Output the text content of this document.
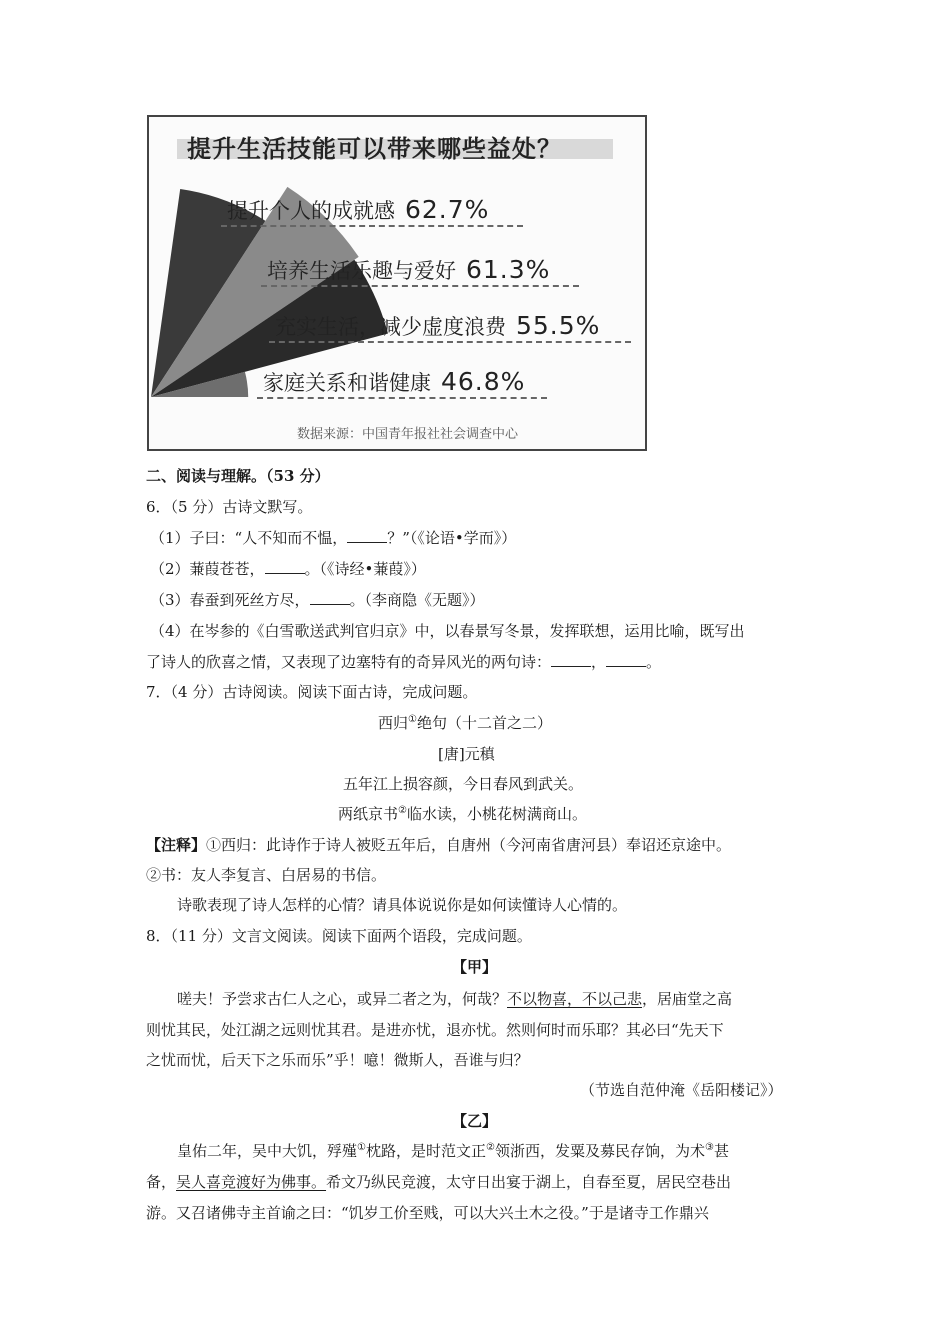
提升生活技能可以带来哪些益处？
提升个人的成就感 62.7%
培养生活乐趣与爱好 61.3%
充实生活，减少虚度浪费 55.5%
家庭关系和谐健康 46.8%
数据来源：中国青年报社社会调查中心
二、阅读与理解。（53 分）
6．（5 分）古诗文默写。
（1）子曰：“人不知而不愠，	？”（《论语•学而》）
（2）蒹葭苍苍，	。（《诗经•蒹葭》）
（3）春蚕到死丝方尽，	。（李商隐《无题》）
（4）在岑参的《白雪歌送武判官归京》中，以春景写冬景，发挥联想，运用比喻，既写出
了诗人的欣喜之情，又表现了边塞特有的奇异风光的两句诗：	，	。
7．（4 分）古诗阅读。阅读下面古诗，完成问题。
西归①绝句（十二首之二）
[唐]元稹
五年江上损容颜，今日春风到武关。
两纸京书②临水读，小桃花树满商山。
【注释】①西归：此诗作于诗人被贬五年后，自唐州（今河南省唐河县）奉诏还京途中。
②书：友人李复言、白居易的书信。
诗歌表现了诗人怎样的心情？请具体说说你是如何读懂诗人心情的。
8．（11 分）文言文阅读。阅读下面两个语段，完成问题。
【甲】
嗟夫！予尝求古仁人之心，或异二者之为，何哉？不以物喜，不以己悲，居庙堂之高
则忧其民，处江湖之远则忧其君。是进亦忧，退亦忧。然则何时而乐耶？其必曰“先天下
之忧而忧，后天下之乐而乐”乎！噫！微斯人，吾谁与归？
（节选自范仲淹《岳阳楼记》）
【乙】
皇佑二年，吴中大饥，殍殣①枕路，是时范文正②领浙西，发粟及募民存饷，为术③甚
备，吴人喜竞渡好为佛事。希文乃纵民竞渡，太守日出宴于湖上，自春至夏，居民空巷出
游。又召诸佛寺主首谕之曰：“饥岁工价至贱，可以大兴土木之役。”于是诸寺工作鼎兴
